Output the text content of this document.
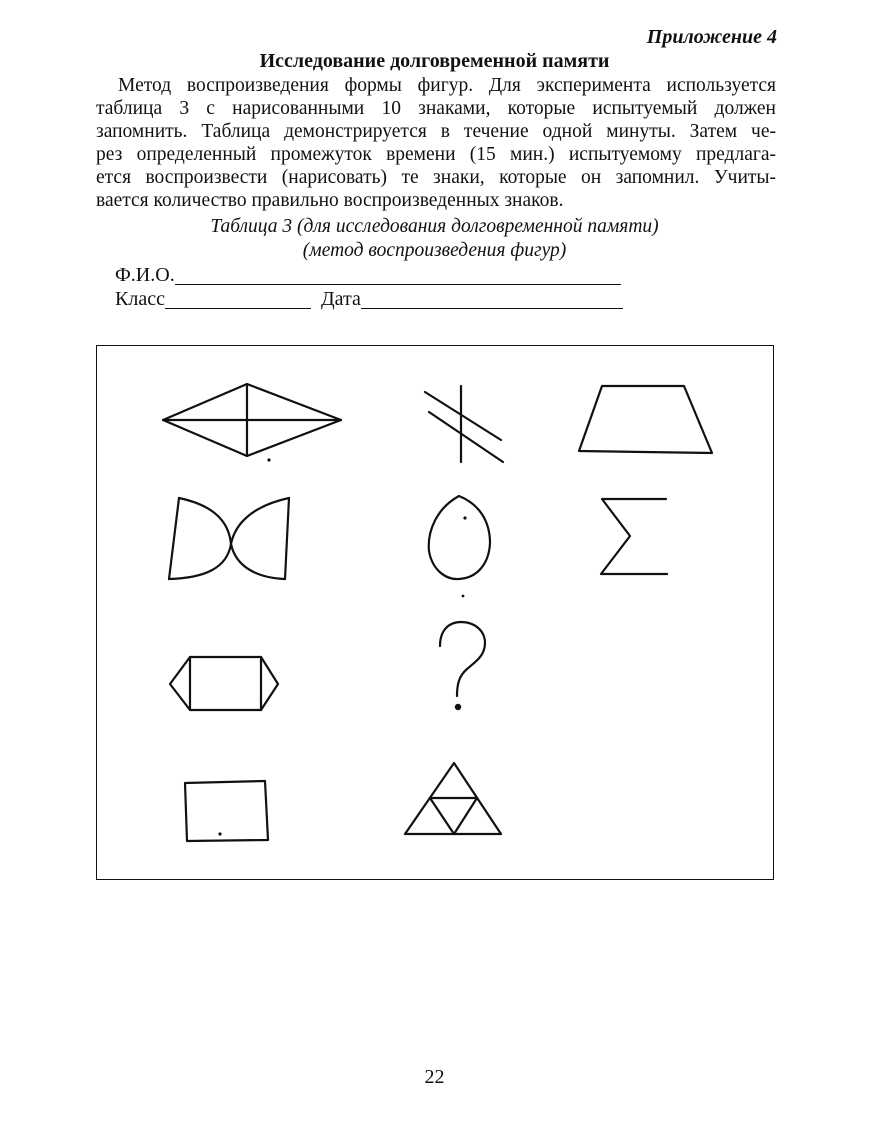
Приложение 4
Исследование долговременной памяти
Метод воспроизведения формы фигур. Для эксперимента используется
таблица 3 с нарисованными 10 знаками, которые испытуемый должен
запомнить. Таблица демонстрируется в течение одной минуты. Затем че-
рез определенный промежуток времени (15 мин.) испытуемому предлага-
ется воспроизвести (нарисовать) те знаки, которые он запомнил. Учиты-
вается количество правильно воспроизведенных знаков.
Таблица 3 (для исследования долговременной памяти)
(метод воспроизведения фигур)
Ф.И.О.
Класс	Дата
22
